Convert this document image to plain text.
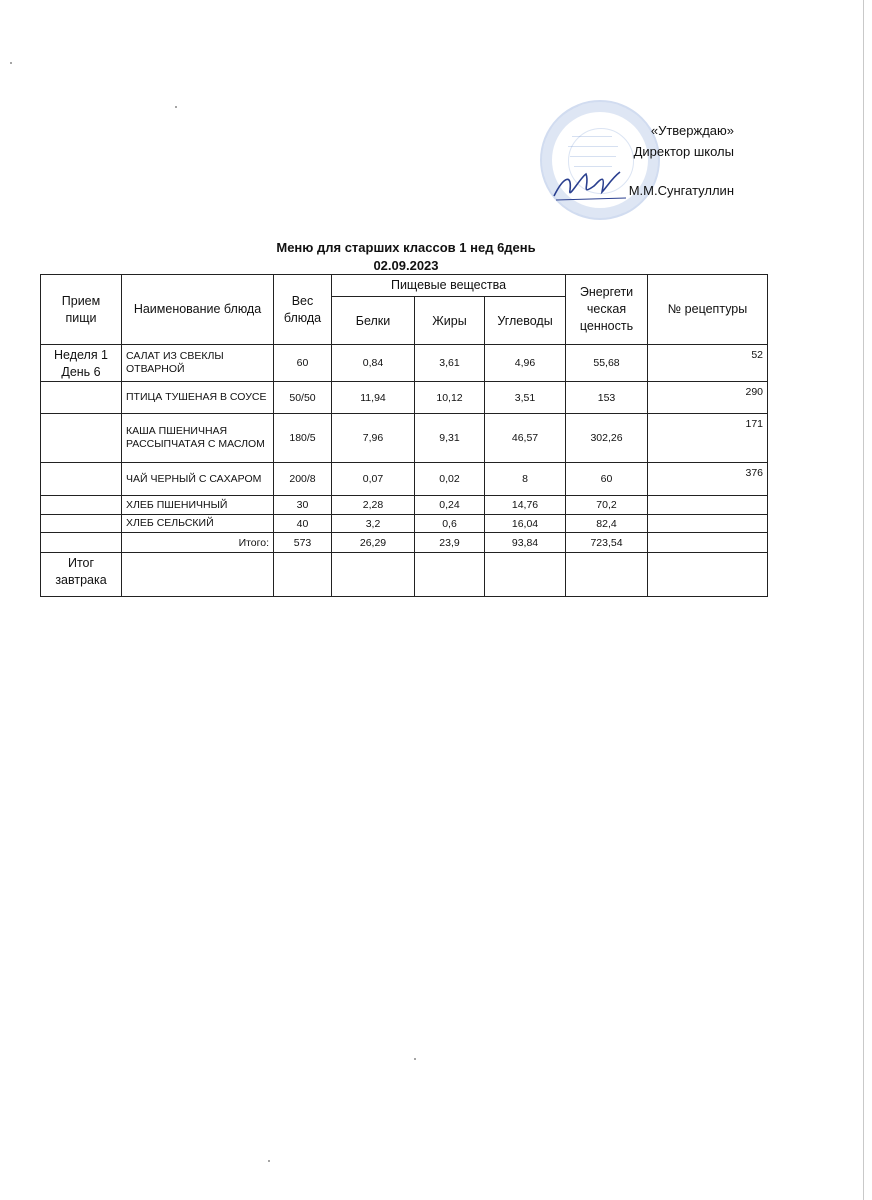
«Утверждаю»
Директор школы
М.М.Сунгатуллин
Меню для старших классов 1 нед 6день
02.09.2023
Прием пищи	Наименование блюда	Вес блюда	Пищевые вещества			Энергети ческая ценность	№ рецептуры
			Белки	Жиры	Углеводы		
Неделя 1 День 6	САЛАТ ИЗ СВЕКЛЫ ОТВАРНОЙ	60	0,84	3,61	4,96	55,68	52
	ПТИЦА ТУШЕНАЯ В СОУСЕ	50/50	11,94	10,12	3,51	153	290
	КАША ПШЕНИЧНАЯ РАССЫПЧАТАЯ С МАСЛОМ	180/5	7,96	9,31	46,57	302,26	171
	ЧАЙ ЧЕРНЫЙ С САХАРОМ	200/8	0,07	0,02	8	60	376
	ХЛЕБ ПШЕНИЧНЫЙ	30	2,28	0,24	14,76	70,2	
	ХЛЕБ СЕЛЬСКИЙ	40	3,2	0,6	16,04	82,4	
	Итого:	573	26,29	23,9	93,84	723,54	
Итог завтрака							
